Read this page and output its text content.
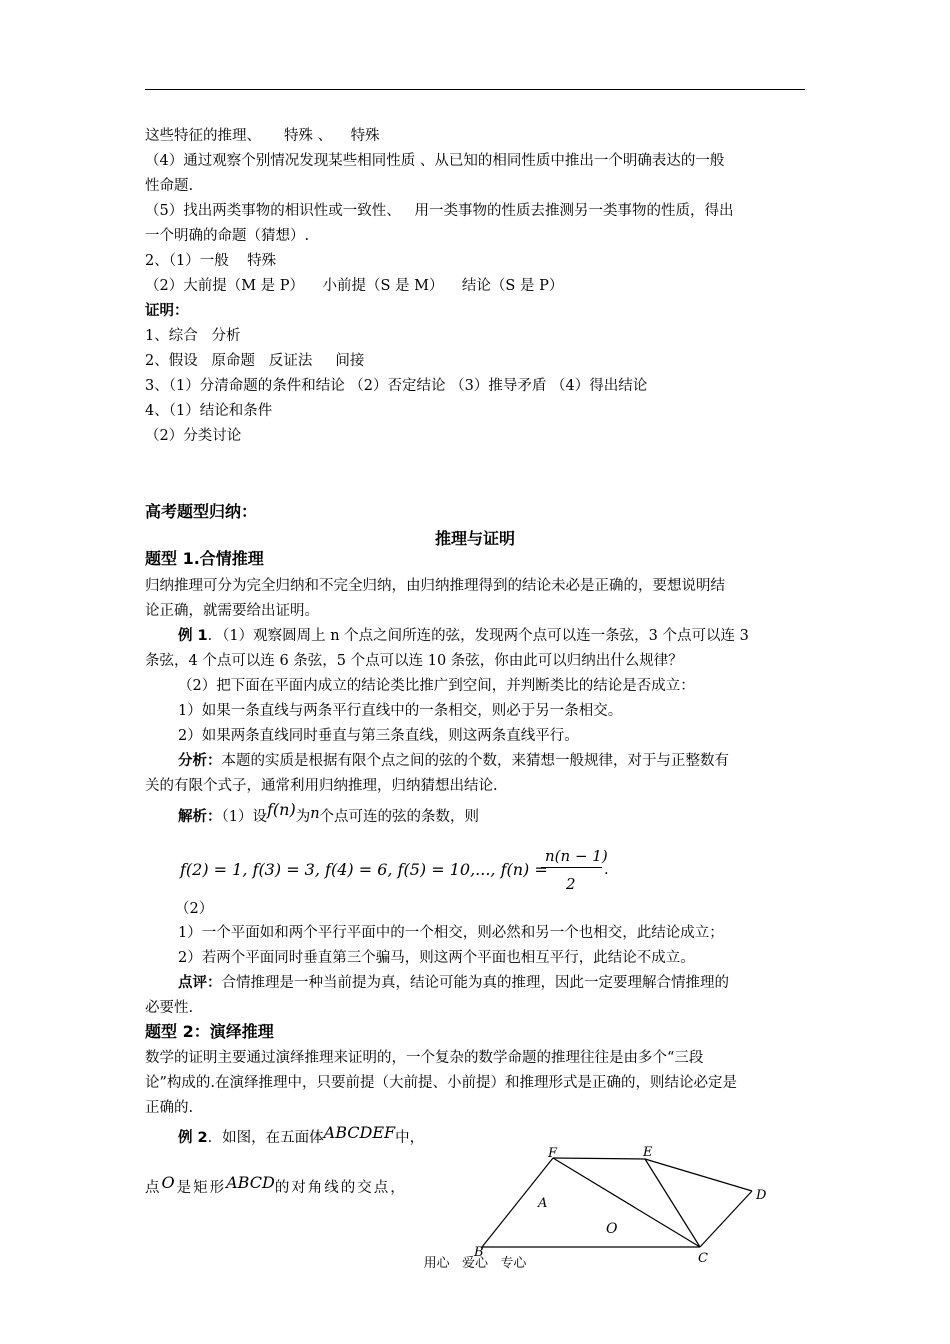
这些特征的推理、     特殊 、    特殊
（4）通过观察个别情况发现某些相同性质 、从已知的相同性质中推出一个明确表达的一般
性命题.
（5）找出两类事物的相识性或一致性、   用一类事物的性质去推测另一类事物的性质，得出
一个明确的命题（猜想）.
2、（1）一般    特殊
（2）大前提（M 是 P）    小前提（S 是 M）    结论（S 是 P）
证明：
1、综合   分析
2、假设   原命题   反证法     间接
3、（1）分清命题的条件和结论 （2）否定结论 （3）推导矛盾 （4）得出结论
4、（1）结论和条件
（2）分类讨论
高考题型归纳：
推理与证明
题型 1.合情推理
归纳推理可分为完全归纳和不完全归纳，由归纳推理得到的结论未必是正确的，要想说明结
论正确，就需要给出证明。
例 1．（1）观察圆周上 n 个点之间所连的弦，发现两个点可以连一条弦，3 个点可以连 3
条弦，4 个点可以连 6 条弦，5 个点可以连 10 条弦，你由此可以归纳出什么规律？
（2）把下面在平面内成立的结论类比推广到空间，并判断类比的结论是否成立：
1）如果一条直线与两条平行直线中的一条相交，则必于另一条相交。
2）如果两条直线同时垂直与第三条直线，则这两条直线平行。
分析：本题的实质是根据有限个点之间的弦的个数，来猜想一般规律，对于与正整数有
关的有限个式子，通常利用归纳推理，归纳猜想出结论.
解析：（1）设f(n)为n个点可连的弦的条数，则
f(2) = 1, f(3) = 3, f(4) = 6, f(5) = 10,..., f(n) =
n(n − 1)
2
.
（2）
1）一个平面如和两个平行平面中的一个相交，则必然和另一个也相交，此结论成立；
2）若两个平面同时垂直第三个骗马，则这两个平面也相互平行，此结论不成立。
点评：合情推理是一种当前提为真，结论可能为真的推理，因此一定要理解合情推理的
必要性.
题型 2：演绎推理
数学的证明主要通过演绎推理来证明的，一个复杂的数学命题的推理往往是由多个“三段
论”构成的.在演绎推理中，只要前提（大前提、小前提）和推理形式是正确的，则结论必定是
正确的.
例 2．如图，在五面体ABCDEF中，
点O是矩形ABCD的对角线的交点，
F	E
D
C
B
A
O
用心   爱心   专心
